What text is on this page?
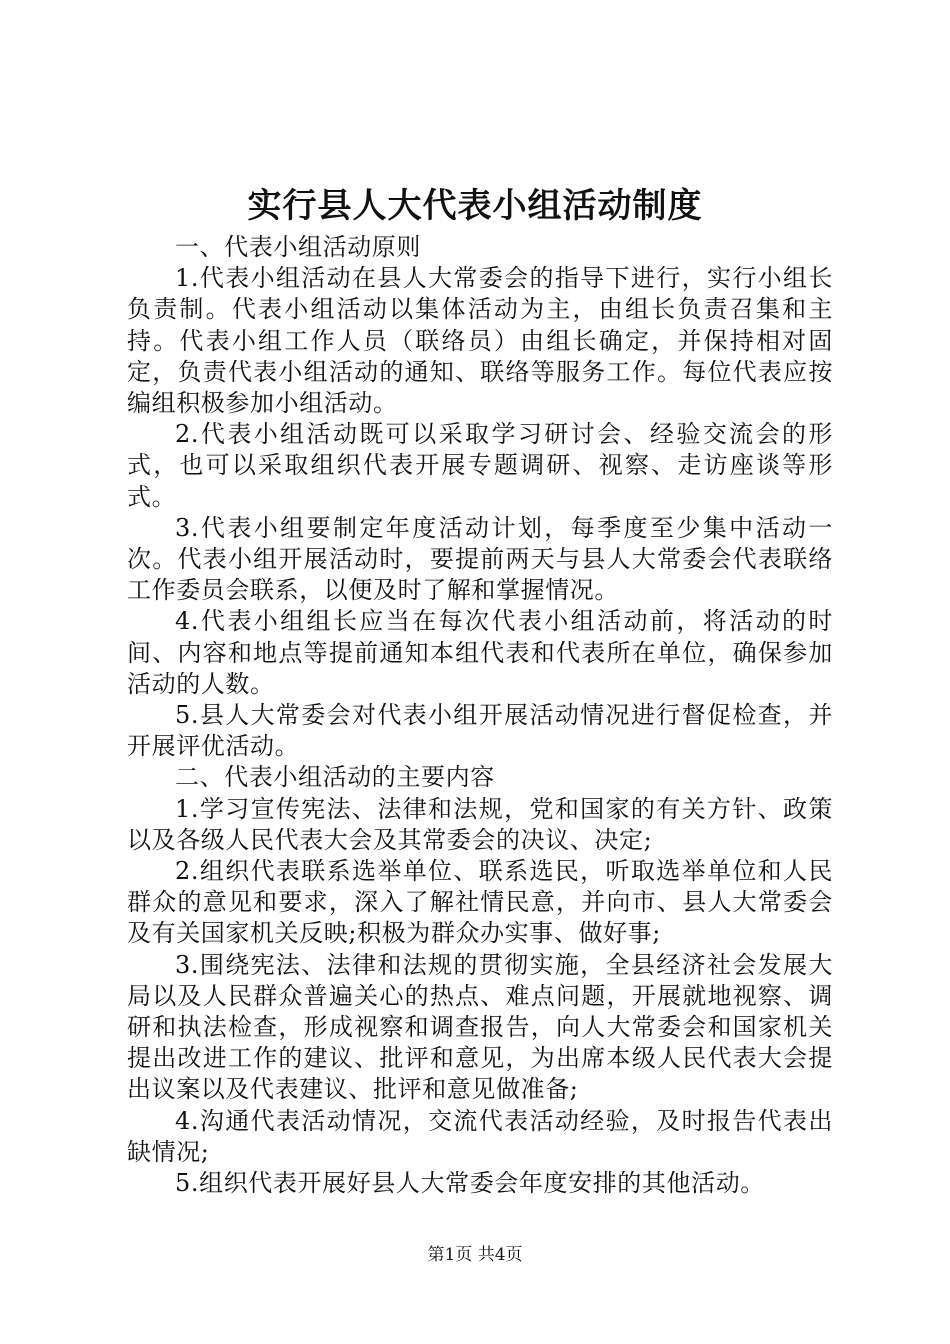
实行县人大代表小组活动制度

一、代表小组活动原则

1.代表小组活动在县人大常委会的指导下进行，实行小组长负责制。代表小组活动以集体活动为主，由组长负责召集和主持。代表小组工作人员（联络员）由组长确定，并保持相对固定，负责代表小组活动的通知、联络等服务工作。每位代表应按编组积极参加小组活动。

2.代表小组活动既可以采取学习研讨会、经验交流会的形式，也可以采取组织代表开展专题调研、视察、走访座谈等形式。

3.代表小组要制定年度活动计划，每季度至少集中活动一次。代表小组开展活动时，要提前两天与县人大常委会代表联络工作委员会联系，以便及时了解和掌握情况。

4.代表小组组长应当在每次代表小组活动前，将活动的时间、内容和地点等提前通知本组代表和代表所在单位，确保参加活动的人数。

5.县人大常委会对代表小组开展活动情况进行督促检查，并开展评优活动。

二、代表小组活动的主要内容

1.学习宣传宪法、法律和法规，党和国家的有关方针、政策以及各级人民代表大会及其常委会的决议、决定;

2.组织代表联系选举单位、联系选民，听取选举单位和人民群众的意见和要求，深入了解社情民意，并向市、县人大常委会及有关国家机关反映;积极为群众办实事、做好事;

3.围绕宪法、法律和法规的贯彻实施，全县经济社会发展大局以及人民群众普遍关心的热点、难点问题，开展就地视察、调研和执法检查，形成视察和调查报告，向人大常委会和国家机关提出改进工作的建议、批评和意见，为出席本级人民代表大会提出议案以及代表建议、批评和意见做准备;

4.沟通代表活动情况，交流代表活动经验，及时报告代表出缺情况;

5.组织代表开展好县人大常委会年度安排的其他活动。

第1页 共4页
